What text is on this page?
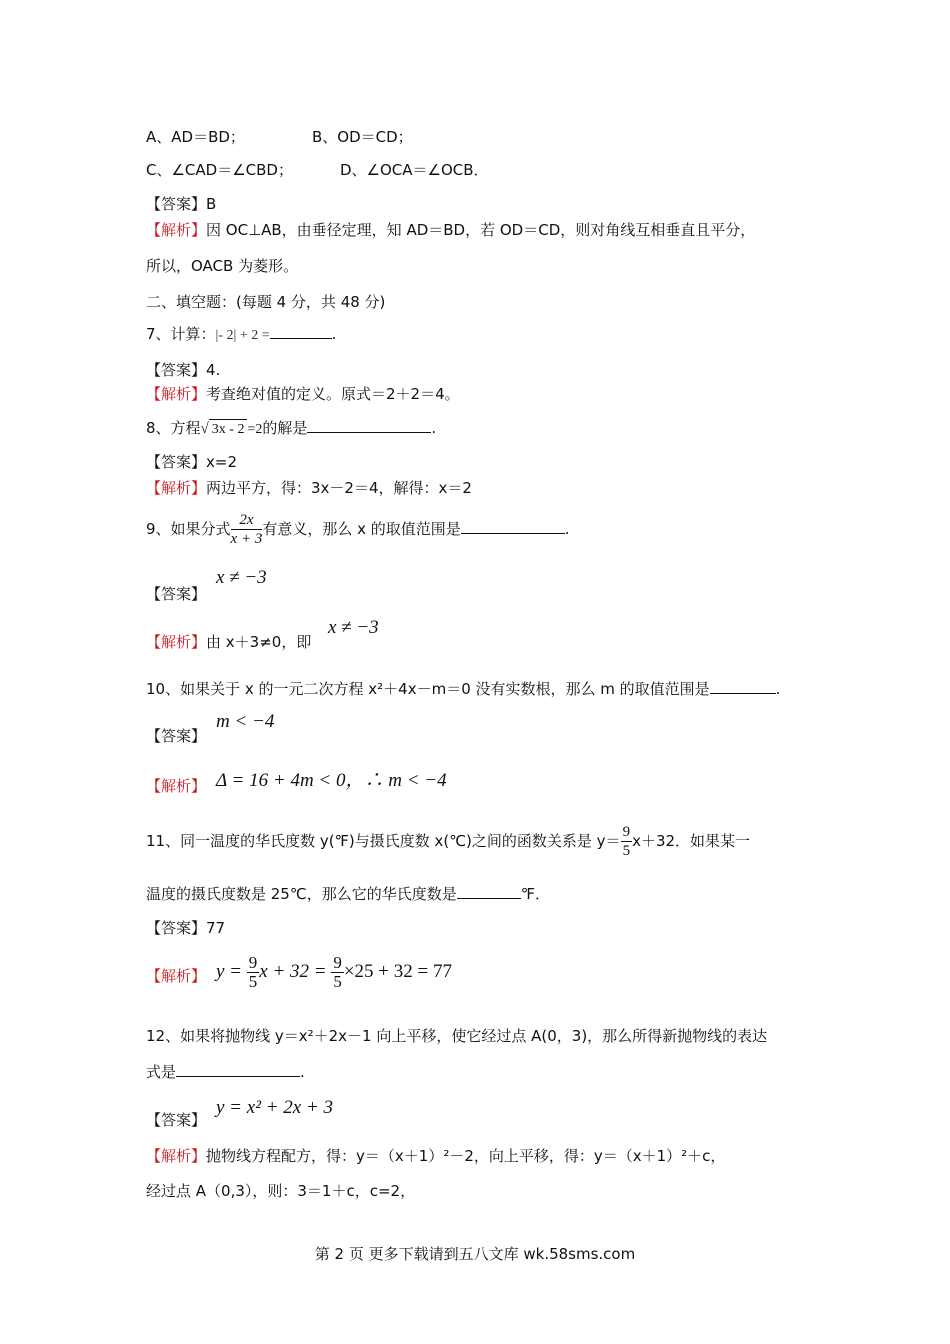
A、AD＝BD；	B、OD＝CD；
C、∠CAD＝∠CBD；	D、∠OCA＝∠OCB．
【答案】B
【解析】因 OC⊥AB，由垂径定理，知 AD＝BD，若 OD＝CD，则对角线互相垂直且平分，
所以，OACB 为菱形。
二、填空题：(每题 4 分，共 48 分)
7、计算：|- 2| + 2 =	.
【答案】4.
【解析】考查绝对值的定义。原式＝2＋2＝4。
8、方程√ 3x - 2 =2的解是	.
【答案】x=2
【解析】两边平方，得：3x－2＝4，解得：x＝2
9、如果分式 $\frac{2x}{x + 3}$ 有意义，那么 x 的取值范围是	.
【答案】
x ≠ −3
【解析】由 x＋3≠0，即
x ≠ −3
10、如果关于 x 的一元二次方程 x²＋4x－m＝0 没有实数根，那么 m 的取值范围是	.
【答案】
m < −4
【解析】 Δ = 16 + 4m < 0，∴ m < −4
11、同一温度的华氏度数 y(℉)与摄氏度数 x(℃)之间的函数关系是 $y= \frac{9}{5} x+32$．如果某一
温度的摄氏度数是 25℃，那么它的华氏度数是	℉．
【答案】77
【解析】 $y = \frac{9}{5}$ $x + 32 = \frac{9}{5} \times 25 + 32 = 77$
12、如果将抛物线 y＝x²＋2x－1 向上平移，使它经过点 A(0，3)，那么所得新抛物线的表达
式是	.
【答案】
y = x² + 2x + 3
【解析】抛物线方程配方，得：y＝（x＋1）²－2，向上平移，得：y＝（x＋1）²＋c，
经过点 A（0,3），则：3＝1＋c，c=2，
第 2 页 更多下载请到五八文库 wk.58sms.com
